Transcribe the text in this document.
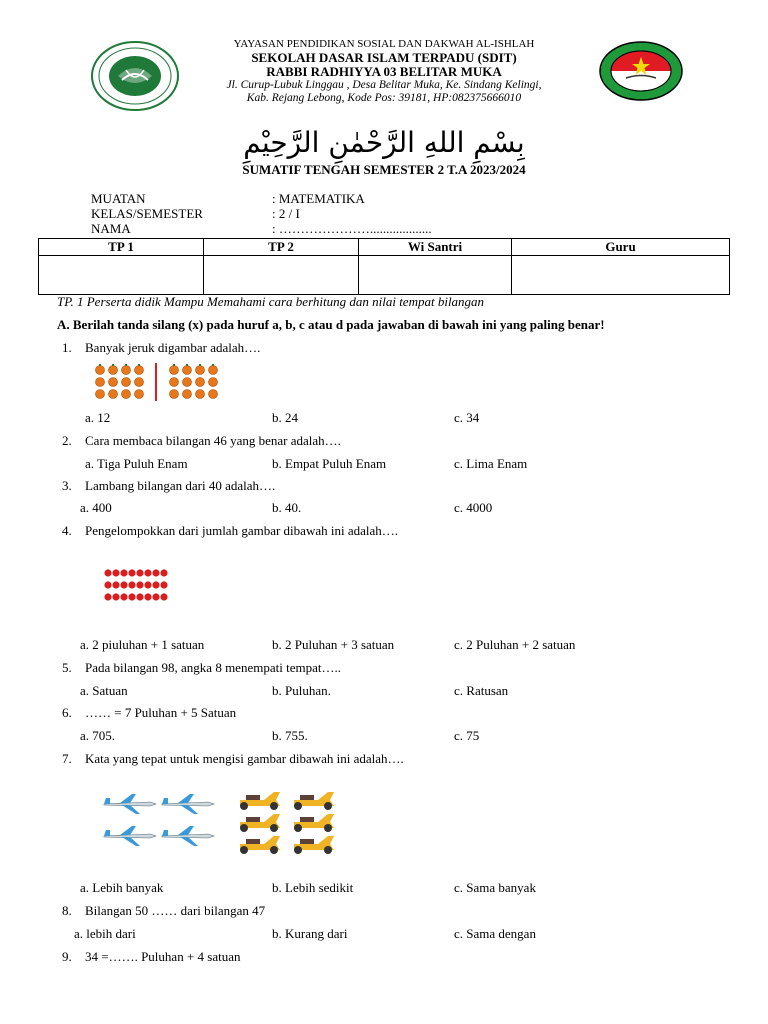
YAYASAN PENDIDIKAN SOSIAL DAN DAKWAH AL-ISHLAH
SEKOLAH DASAR ISLAM TERPADU (SDIT)
RABBI RADHIYYA 03 BELITAR MUKA
Jl. Curup-Lubuk Linggau , Desa Belitar Muka, Ke. Sindang Kelingi,
Kab. Rejang Lebong, Kode Pos: 39181, HP:082375666010
بِسْمِ اللهِ الرَّحْمٰنِ الرَّحِيْمِ
SUMATIF TENGAH SEMESTER 2 T.A 2023/2024
MUATAN	: MATEMATIKA
KELAS/SEMESTER	: 2 / I
NAMA	: …………………...................
TP 1	TP 2	Wi Santri	Guru

TP. 1 Perserta didik Mampu Memahami cara berhitung dan nilai tempat bilangan
A. Berilah tanda silang (x) pada huruf a, b, c atau d pada jawaban di bawah ini yang paling benar!
1. Banyak jeruk digambar adalah….
a. 12	b. 24	c. 34
2. Cara membaca bilangan 46 yang benar adalah….
a. Tiga Puluh Enam	b. Empat Puluh Enam	c. Lima Enam
3. Lambang bilangan dari 40 adalah….
a. 400	b. 40.	c. 4000
4. Pengelompokkan dari jumlah gambar dibawah ini adalah….
a. 2 piuluhan + 1 satuan	b. 2 Puluhan + 3 satuan	c. 2 Puluhan + 2 satuan
5. Pada bilangan 98, angka 8 menempati tempat…..
a. Satuan	b. Puluhan.	c. Ratusan
6. …… = 7 Puluhan + 5 Satuan
a. 705.	b. 755.	c. 75
7. Kata yang tepat untuk mengisi gambar dibawah ini adalah….
a. Lebih banyak	b. Lebih sedikit	c. Sama banyak
8. Bilangan 50 …… dari bilangan 47
a. lebih dari	b. Kurang dari	c. Sama dengan
9. 34 =……. Puluhan + 4 satuan
